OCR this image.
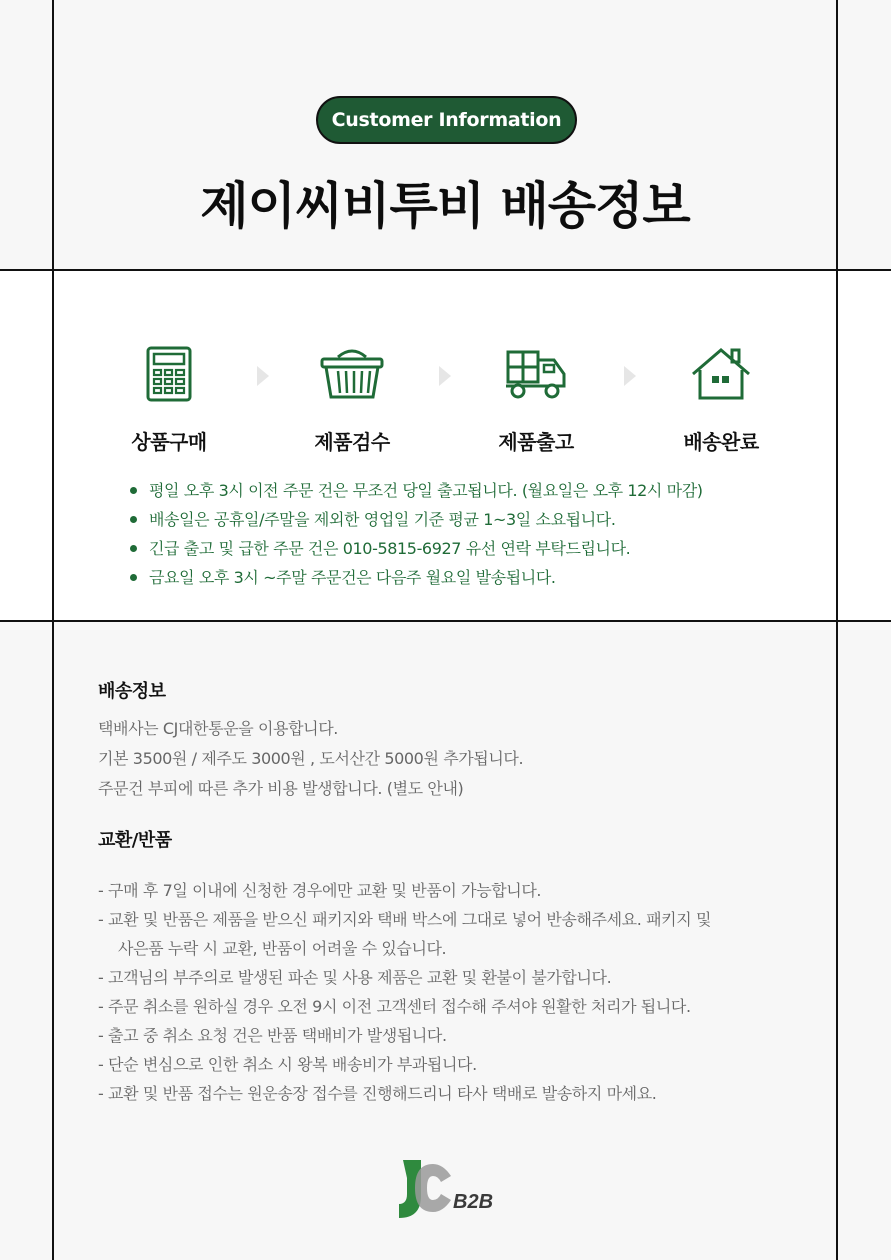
Customer Information
제이씨비투비 배송정보
상품구매	제품검수	제품출고	배송완료
평일 오후 3시 이전 주문 건은 무조건 당일 출고됩니다. (월요일은 오후 12시 마감)
배송일은 공휴일/주말을 제외한 영업일 기준 평균 1~3일 소요됩니다.
긴급 출고 및 급한 주문 건은 010-5815-6927 유선 연락 부탁드립니다.
금요일 오후 3시 ~주말 주문건은 다음주 월요일 발송됩니다.
배송정보
택배사는 CJ대한통운을 이용합니다.
기본 3500원 / 제주도 3000원 , 도서산간 5000원 추가됩니다.
주문건 부피에 따른 추가 비용 발생합니다. (별도 안내)
교환/반품
- 구매 후 7일 이내에 신청한 경우에만 교환 및 반품이 가능합니다.
- 교환 및 반품은 제품을 받으신 패키지와 택배 박스에 그대로 넣어 반송해주세요. 패키지 및
사은품 누락 시 교환, 반품이 어려울 수 있습니다.
- 고객님의 부주의로 발생된 파손 및 사용 제품은 교환 및 환불이 불가합니다.
- 주문 취소를 원하실 경우 오전 9시 이전 고객센터 접수해 주셔야 원활한 처리가 됩니다.
- 출고 중 취소 요청 건은 반품 택배비가 발생됩니다.
- 단순 변심으로 인한 취소 시 왕복 배송비가 부과됩니다.
- 교환 및 반품 접수는 원운송장 접수를 진행해드리니 타사 택배로 발송하지 마세요.
B2B
